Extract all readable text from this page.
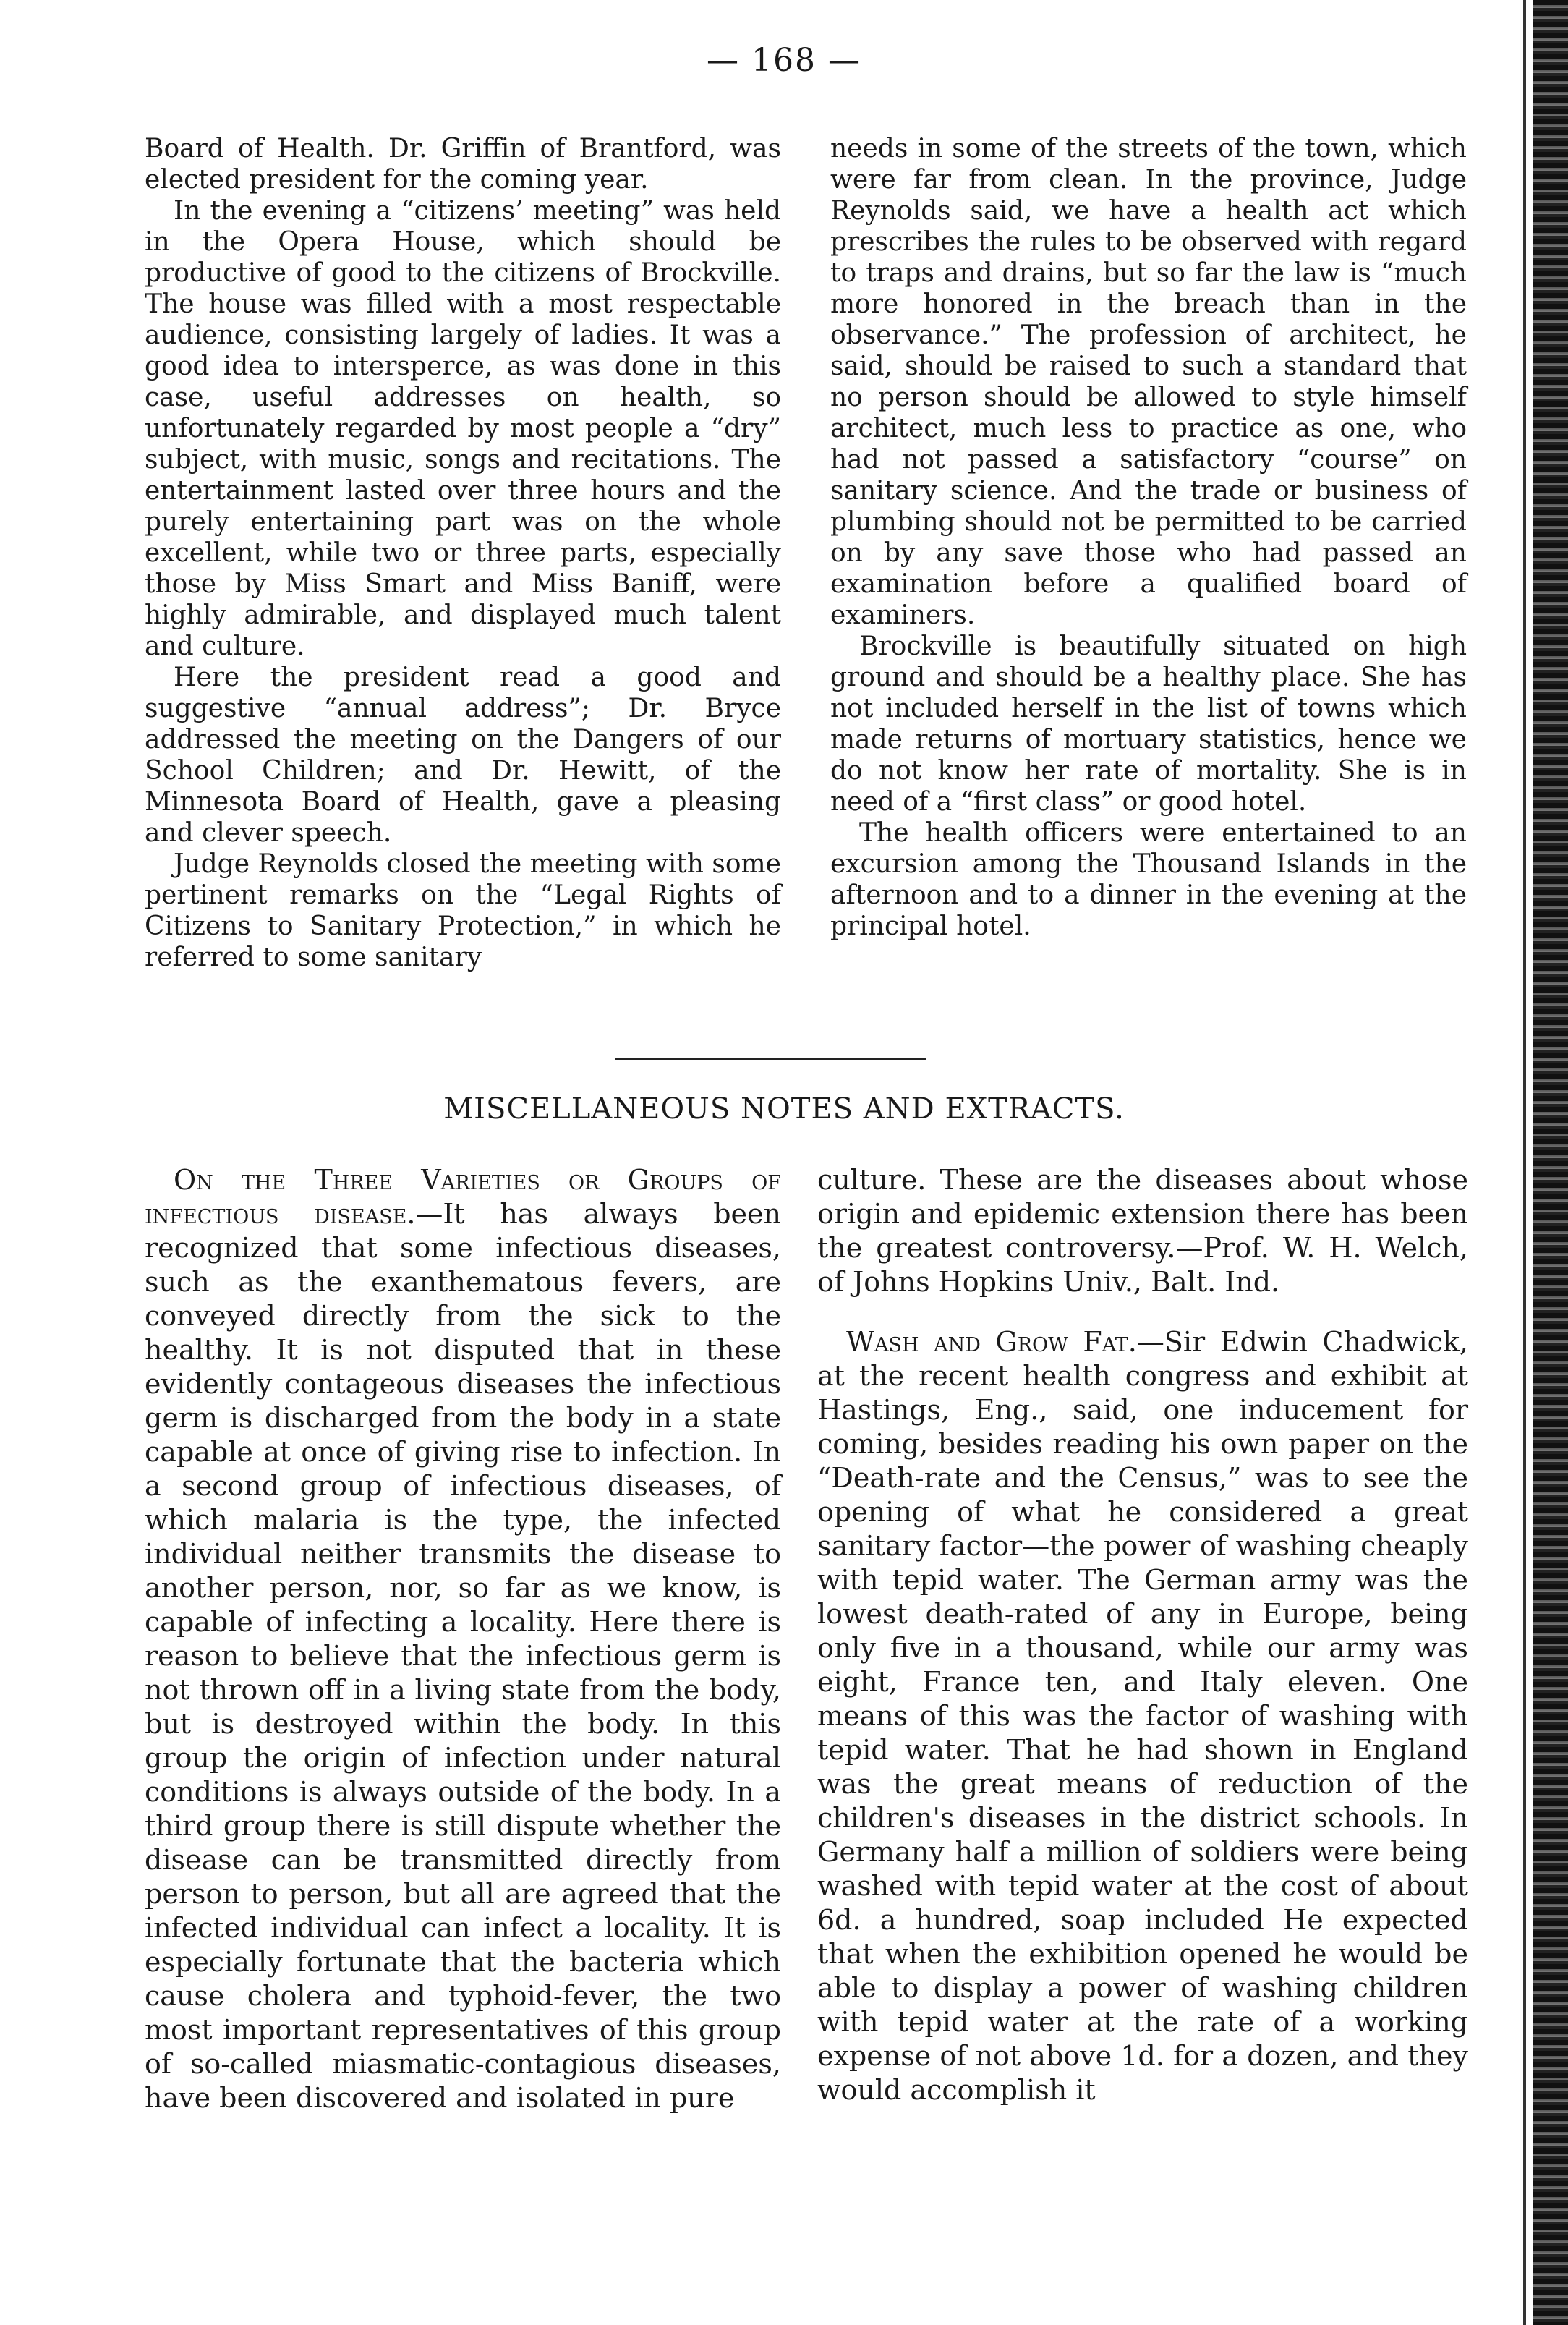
— 168 —

Board of Health. Dr. Griffin of Brantford, was elected president for the coming year.

In the evening a “citizens’ meeting” was held in the Opera House, which should be productive of good to the citizens of Brockville. The house was filled with a most respectable audience, consisting largely of ladies. It was a good idea to intersperce, as was done in this case, useful addresses on health, so unfortunately regarded by most people a “dry” subject, with music, songs and recitations. The entertainment lasted over three hours and the purely entertaining part was on the whole excellent, while two or three parts, especially those by Miss Smart and Miss Baniff, were highly admirable, and displayed much talent and culture.

Here the president read a good and suggestive “annual address”; Dr. Bryce addressed the meeting on the Dangers of our School Children; and Dr. Hewitt, of the Minnesota Board of Health, gave a pleasing and clever speech.

Judge Reynolds closed the meeting with some pertinent remarks on the “Legal Rights of Citizens to Sanitary Protection,” in which he referred to some sanitary

needs in some of the streets of the town, which were far from clean. In the province, Judge Reynolds said, we have a health act which prescribes the rules to be observed with regard to traps and drains, but so far the law is “much more honored in the breach than in the observance.” The profession of architect, he said, should be raised to such a standard that no person should be allowed to style himself architect, much less to practice as one, who had not passed a satisfactory “course” on sanitary science. And the trade or business of plumbing should not be permitted to be carried on by any save those who had passed an examination before a qualified board of examiners.

Brockville is beautifully situated on high ground and should be a healthy place. She has not included herself in the list of towns which made returns of mortuary statistics, hence we do not know her rate of mortality. She is in need of a “first class” or good hotel.

The health officers were entertained to an excursion among the Thousand Islands in the afternoon and to a dinner in the evening at the principal hotel.

MISCELLANEOUS NOTES AND EXTRACTS.

On the Three Varieties or Groups of infectious disease.—It has always been recognized that some infectious diseases, such as the exanthematous fevers, are conveyed directly from the sick to the healthy. It is not disputed that in these evidently contageous diseases the infectious germ is discharged from the body in a state capable at once of giving rise to infection. In a second group of infectious diseases, of which malaria is the type, the infected individual neither transmits the disease to another person, nor, so far as we know, is capable of infecting a locality. Here there is reason to believe that the infectious germ is not thrown off in a living state from the body, but is destroyed within the body. In this group the origin of infection under natural conditions is always outside of the body. In a third group there is still dispute whether the disease can be transmitted directly from person to person, but all are agreed that the infected individual can infect a locality. It is especially fortunate that the bacteria which cause cholera and typhoid-fever, the two most important representatives of this group of so-called miasmatic-contagious diseases, have been discovered and isolated in pure

culture. These are the diseases about whose origin and epidemic extension there has been the greatest controversy.—Prof. W. H. Welch, of Johns Hopkins Univ., Balt. Ind.

Wash and Grow Fat.—Sir Edwin Chadwick, at the recent health congress and exhibit at Hastings, Eng., said, one inducement for coming, besides reading his own paper on the “Death-rate and the Census,” was to see the opening of what he considered a great sanitary factor—the power of washing cheaply with tepid water. The German army was the lowest death-rated of any in Europe, being only five in a thousand, while our army was eight, France ten, and Italy eleven. One means of this was the factor of washing with tepid water. That he had shown in England was the great means of reduction of the children's diseases in the district schools. In Germany half a million of soldiers were being washed with tepid water at the cost of about 6d. a hundred, soap included He expected that when the exhibition opened he would be able to display a power of washing children with tepid water at the rate of a working expense of not above 1d. for a dozen, and they would accomplish it
